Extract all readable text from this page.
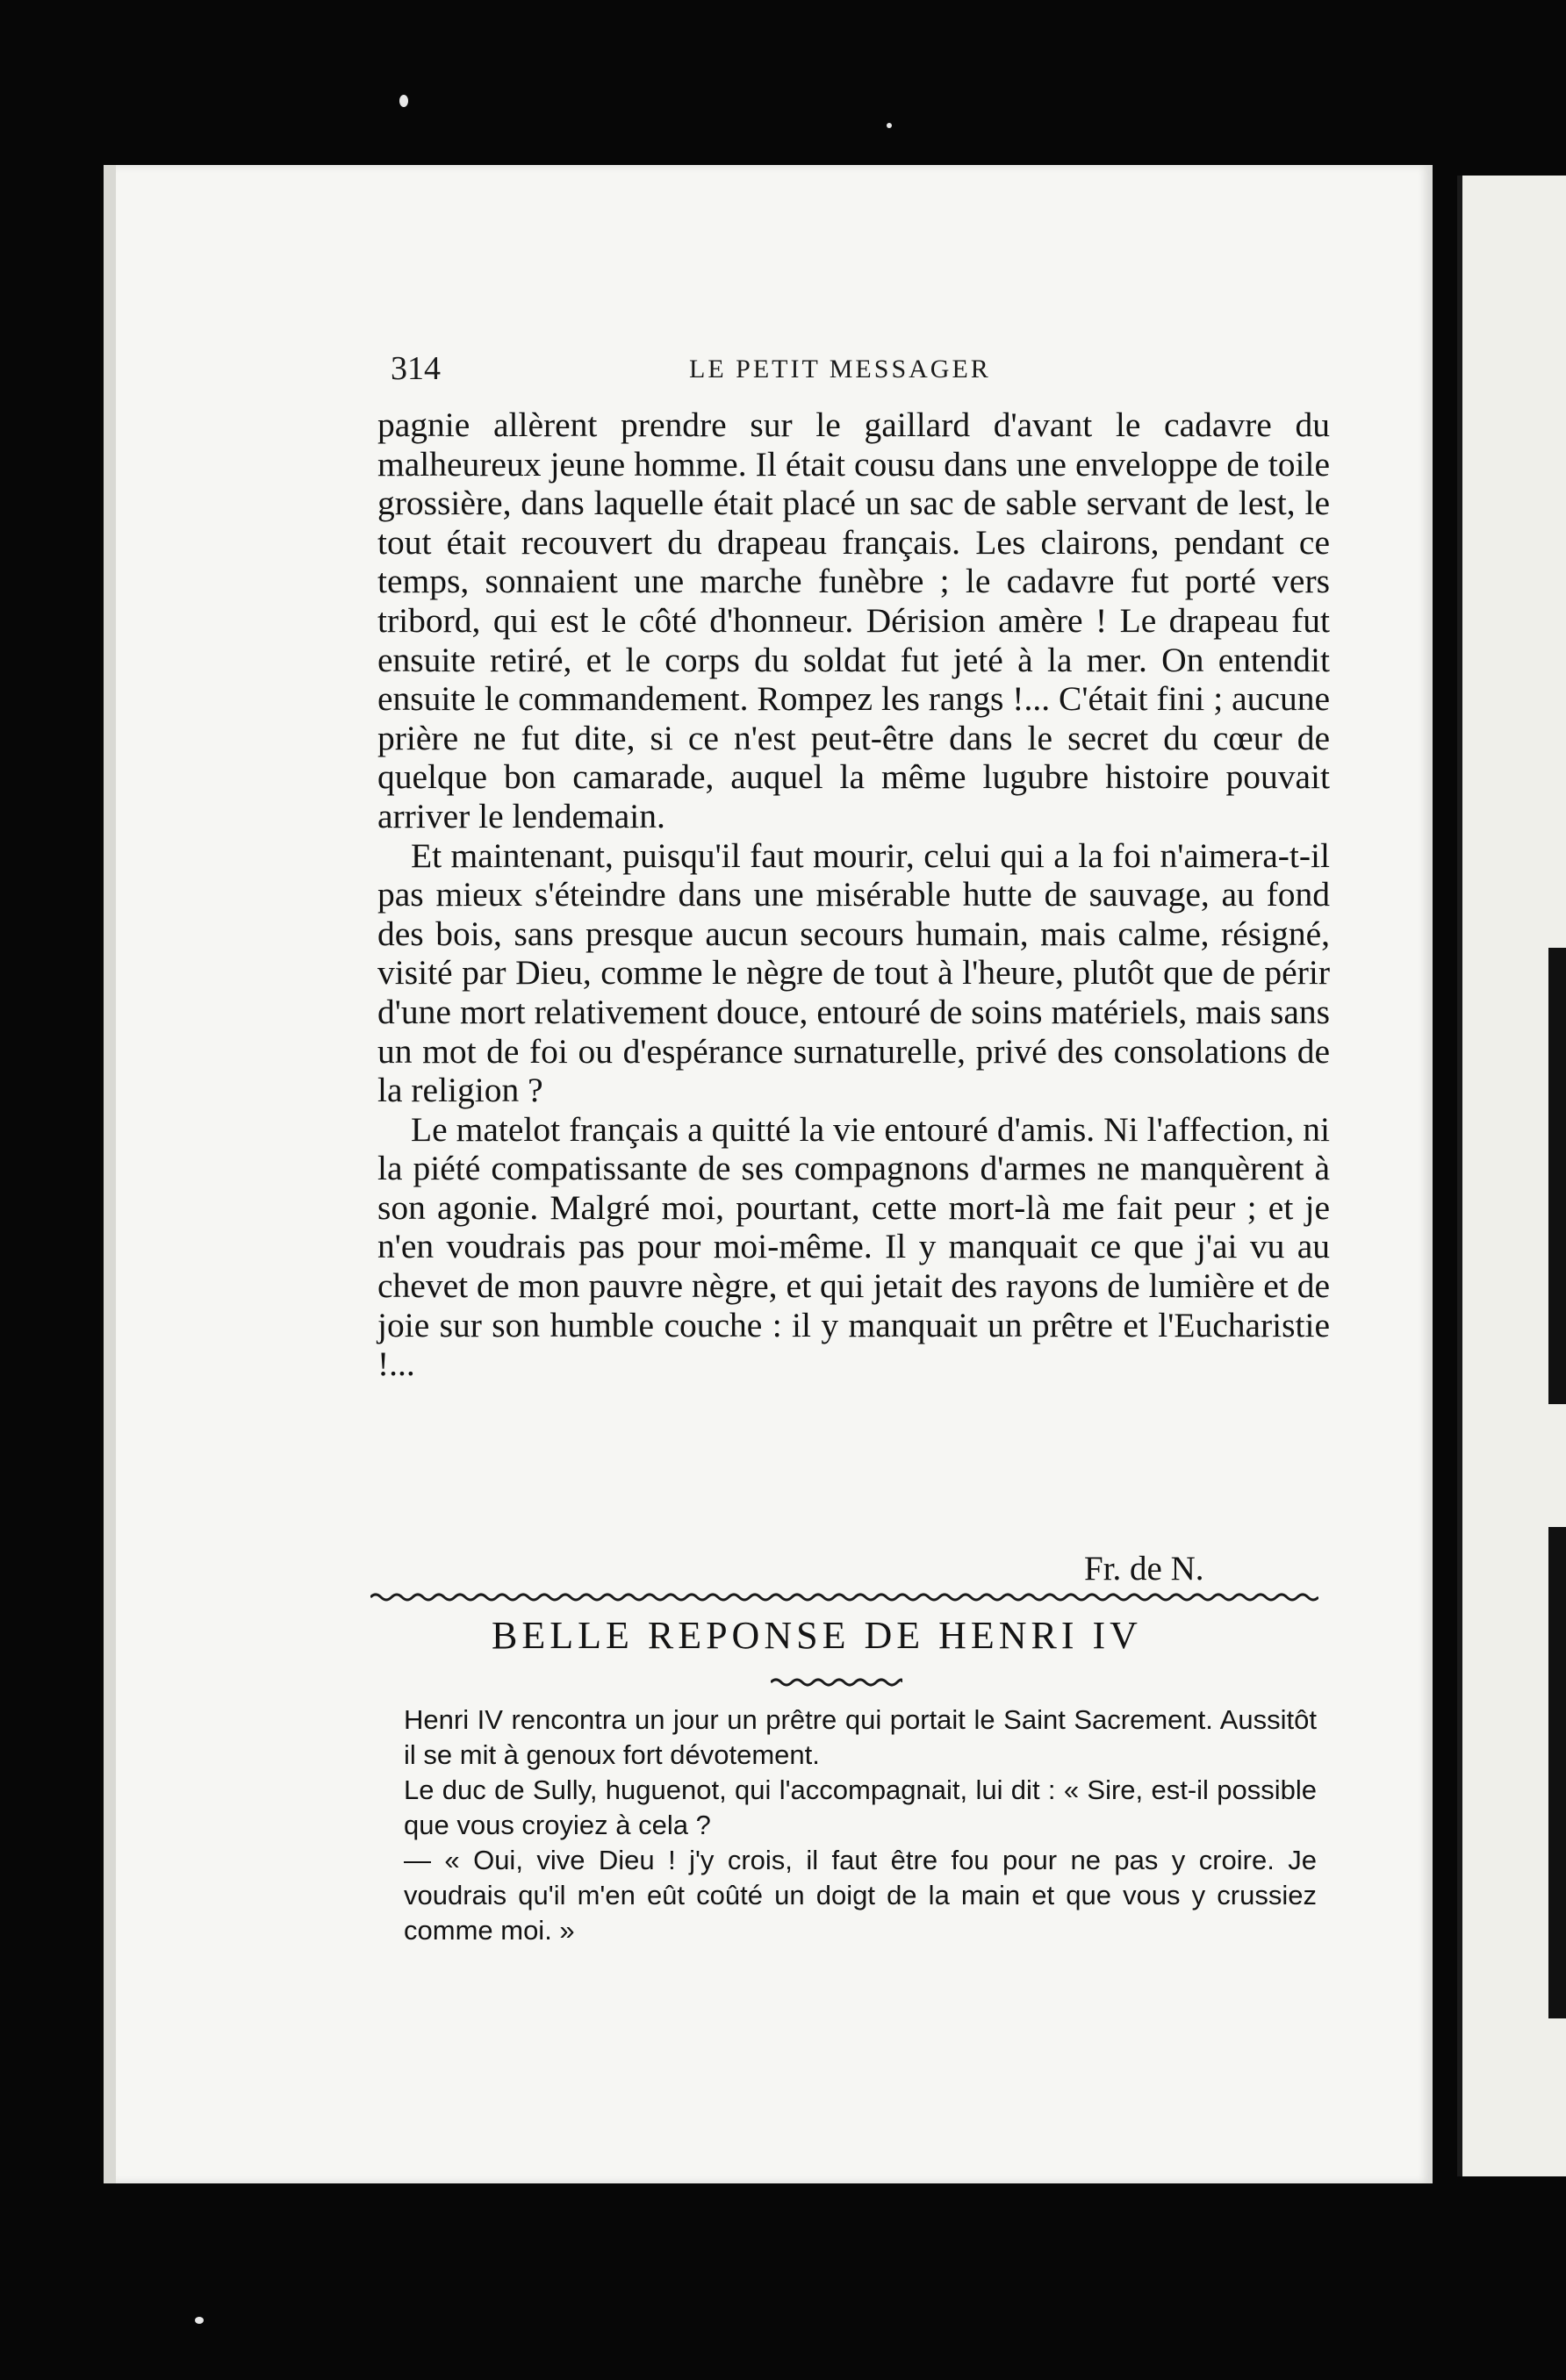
314	LE PETIT MESSAGER

pagnie allèrent prendre sur le gaillard d'avant le cadavre du malheureux jeune homme. Il était cousu dans une enveloppe de toile grossière, dans laquelle était placé un sac de sable servant de lest, le tout était recouvert du drapeau français. Les clairons, pendant ce temps, sonnaient une marche funèbre ; le cadavre fut porté vers tribord, qui est le côté d'honneur. Dérision amère ! Le drapeau fut ensuite retiré, et le corps du soldat fut jeté à la mer. On entendit ensuite le commandement. Rompez les rangs !... C'était fini ; aucune prière ne fut dite, si ce n'est peut-être dans le secret du cœur de quelque bon camarade, auquel la même lugubre histoire pouvait arriver le lendemain.

Et maintenant, puisqu'il faut mourir, celui qui a la foi n'aimera-t-il pas mieux s'éteindre dans une misérable hutte de sauvage, au fond des bois, sans presque aucun secours humain, mais calme, résigné, visité par Dieu, comme le nègre de tout à l'heure, plutôt que de périr d'une mort relativement douce, entouré de soins matériels, mais sans un mot de foi ou d'espérance surnaturelle, privé des consolations de la religion ?

Le matelot français a quitté la vie entouré d'amis. Ni l'affection, ni la piété compatissante de ses compagnons d'armes ne manquèrent à son agonie. Malgré moi, pourtant, cette mort-là me fait peur ; et je n'en voudrais pas pour moi-même. Il y manquait ce que j'ai vu au chevet de mon pauvre nègre, et qui jetait des rayons de lumière et de joie sur son humble couche : il y manquait un prêtre et l'Eucharistie !...

Fr. de N.
BELLE REPONSE DE HENRI IV

Henri IV rencontra un jour un prêtre qui portait le Saint Sacrement. Aussitôt il se mit à genoux fort dévotement.

Le duc de Sully, huguenot, qui l'accompagnait, lui dit : « Sire, est-il possible que vous croyiez à cela ?

— « Oui, vive Dieu ! j'y crois, il faut être fou pour ne pas y croire. Je voudrais qu'il m'en eût coûté un doigt de la main et que vous y crussiez comme moi. »
